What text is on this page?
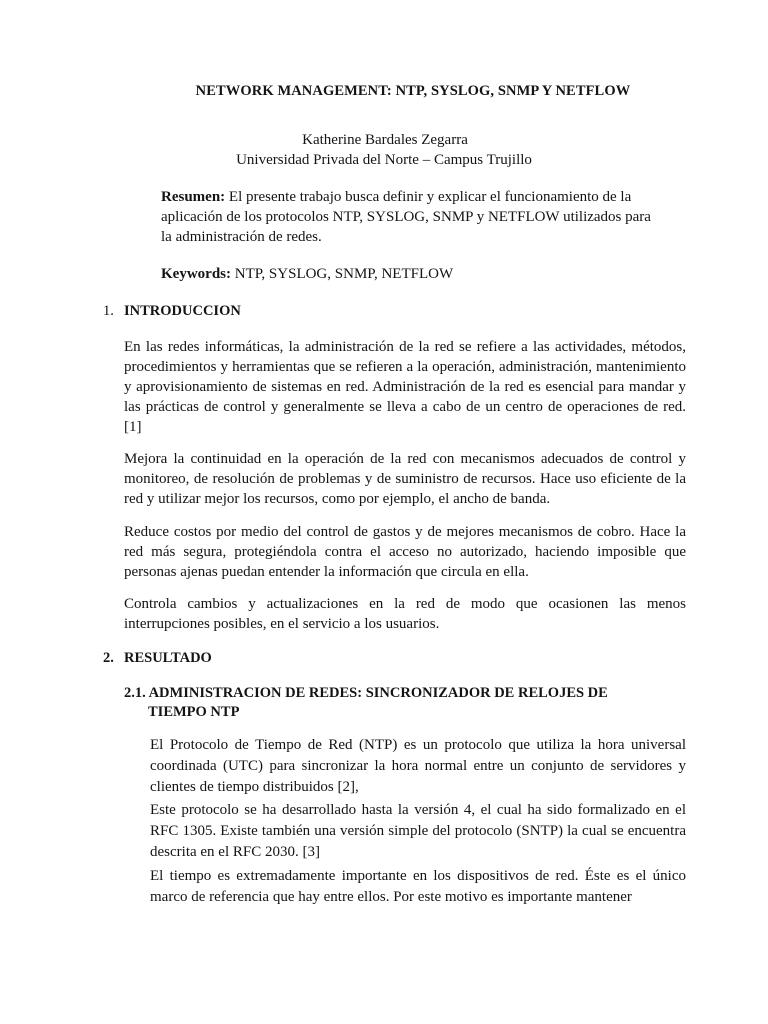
NETWORK MANAGEMENT: NTP, SYSLOG, SNMP Y NETFLOW
Katherine Bardales Zegarra
Universidad Privada del Norte – Campus Trujillo
Resumen: El presente trabajo busca definir y explicar el funcionamiento de la aplicación de los protocolos NTP, SYSLOG, SNMP y NETFLOW utilizados para la administración de redes.
Keywords: NTP, SYSLOG, SNMP, NETFLOW
1. INTRODUCCION
En las redes informáticas, la administración de la red se refiere a las actividades, métodos, procedimientos y herramientas que se refieren a la operación, administración, mantenimiento y aprovisionamiento de sistemas en red. Administración de la red es esencial para mandar y las prácticas de control y generalmente se lleva a cabo de un centro de operaciones de red. [1]
Mejora la continuidad en la operación de la red con mecanismos adecuados de control y monitoreo, de resolución de problemas y de suministro de recursos. Hace uso eficiente de la red y utilizar mejor los recursos, como por ejemplo, el ancho de banda.
Reduce costos por medio del control de gastos y de mejores mecanismos de cobro. Hace la red más segura, protegiéndola contra el acceso no autorizado, haciendo imposible que personas ajenas puedan entender la información que circula en ella.
Controla cambios y actualizaciones en la red de modo que ocasionen las menos interrupciones posibles, en el servicio a los usuarios.
2. RESULTADO
2.1. ADMINISTRACION DE REDES: SINCRONIZADOR DE RELOJES DE
TIEMPO NTP
El Protocolo de Tiempo de Red (NTP) es un protocolo que utiliza la hora universal coordinada (UTC) para sincronizar la hora normal entre un conjunto de servidores y clientes de tiempo distribuidos [2],
Este protocolo se ha desarrollado hasta la versión 4, el cual ha sido formalizado en el RFC 1305. Existe también una versión simple del protocolo (SNTP) la cual se encuentra descrita en el RFC 2030. [3]
El tiempo es extremadamente importante en los dispositivos de red. Éste es el único marco de referencia que hay entre ellos. Por este motivo es importante mantener
